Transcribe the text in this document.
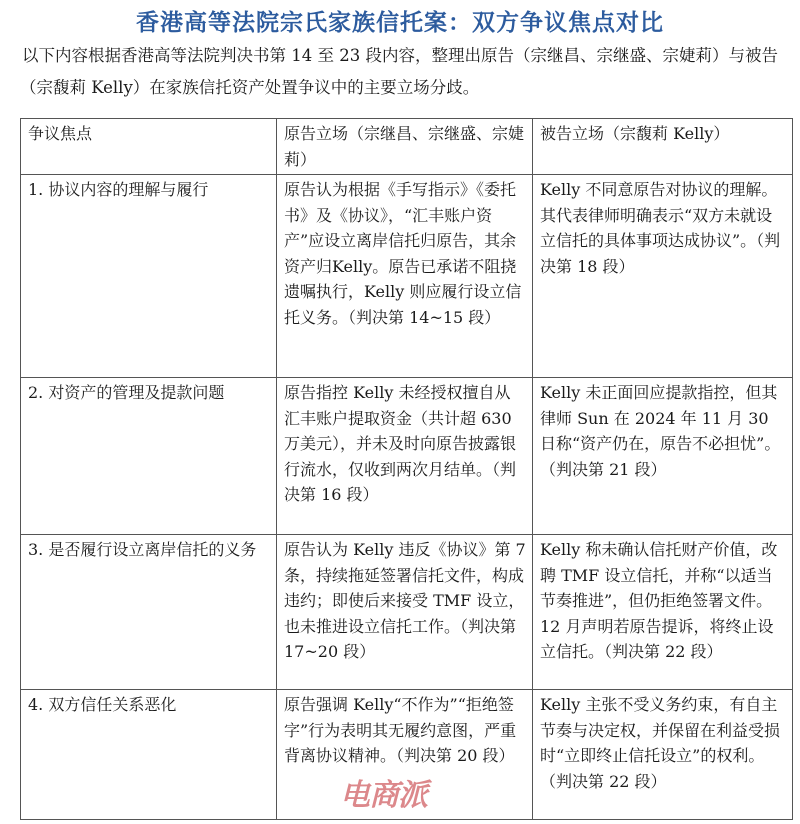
香港高等法院宗氏家族信托案：双方争议焦点对比
以下内容根据香港高等法院判决书第 14 至 23 段内容，整理出原告（宗继昌、宗继盛、宗婕莉）与被告（宗馥莉 Kelly）在家族信托资产处置争议中的主要立场分歧。
争议焦点	原告立场（宗继昌、宗继盛、宗婕莉）	被告立场（宗馥莉 Kelly）
1. 协议内容的理解与履行	原告认为根据《手写指示》《委托书》及《协议》，“汇丰账户资产”应设立离岸信托归原告，其余资产归Kelly。原告已承诺不阻挠遗嘱执行，Kelly 则应履行设立信托义务。（判决第 14~15 段）	Kelly 不同意原告对协议的理解。其代表律师明确表示“双方未就设立信托的具体事项达成协议”。（判决第 18 段）
2. 对资产的管理及提款问题	原告指控 Kelly 未经授权擅自从汇丰账户提取资金（共计超 630 万美元），并未及时向原告披露银行流水，仅收到两次月结单。（判决第 16 段）	Kelly 未正面回应提款指控，但其律师 Sun 在 2024 年 11 月 30 日称“资产仍在，原告不必担忧”。（判决第 21 段）
3. 是否履行设立离岸信托的义务	原告认为 Kelly 违反《协议》第 7 条，持续拖延签署信托文件，构成违约；即使后来接受 TMF 设立，也未推进设立信托工作。（判决第 17~20 段）	Kelly 称未确认信托财产价值，改聘 TMF 设立信托，并称“以适当节奏推进”，但仍拒绝签署文件。12 月声明若原告提诉，将终止设立信托。（判决第 22 段）
4. 双方信任关系恶化	原告强调 Kelly“不作为”“拒绝签字”行为表明其无履约意图，严重背离协议精神。（判决第 20 段）	Kelly 主张不受义务约束，有自主节奏与决定权，并保留在利益受损时“立即终止信托设立”的权利。（判决第 22 段）
电商派
